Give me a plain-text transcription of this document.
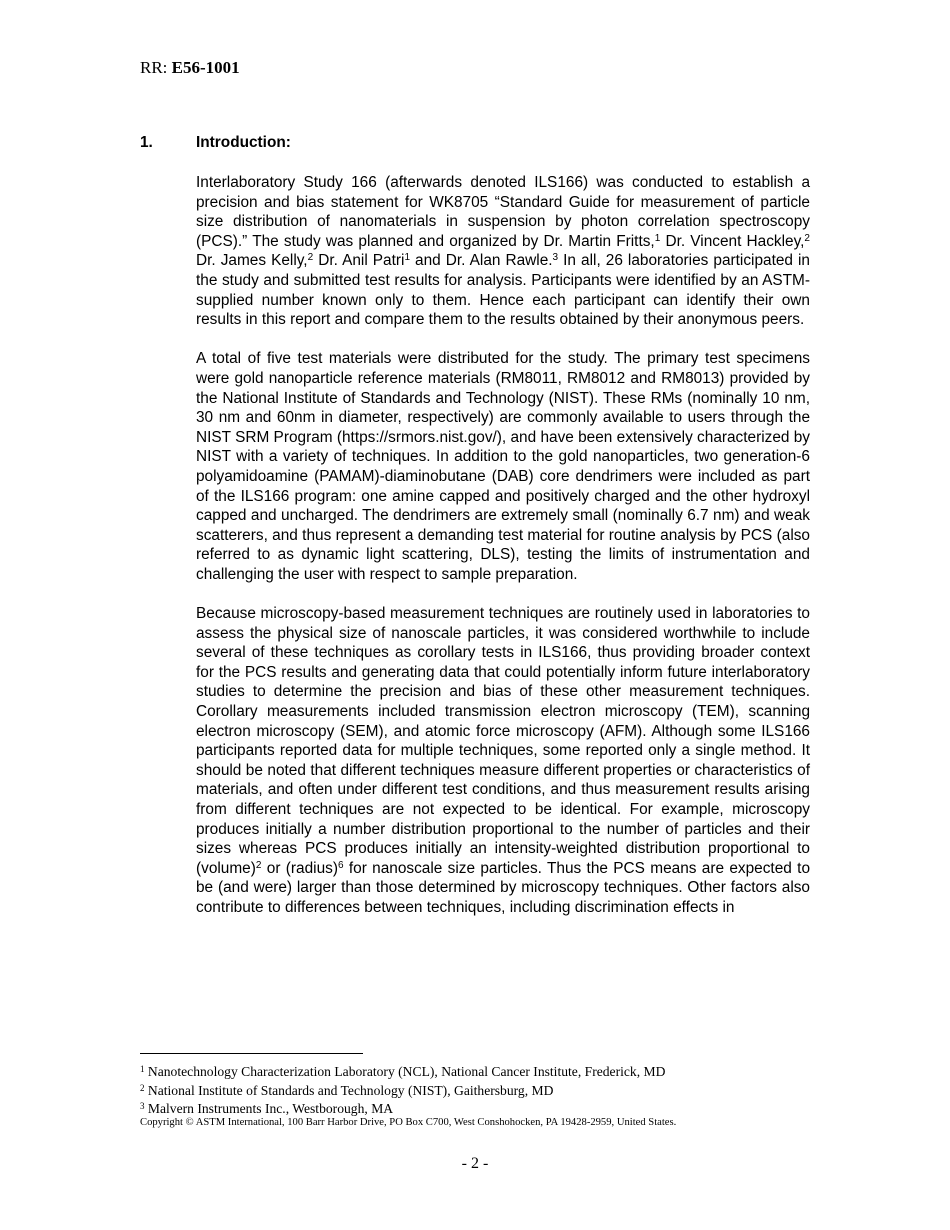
RR: E56-1001
1.	Introduction:

Interlaboratory Study 166 (afterwards denoted ILS166) was conducted to establish a precision and bias statement for WK8705 “Standard Guide for measurement of particle size distribution of nanomaterials in suspension by photon correlation spectroscopy (PCS).” The study was planned and organized by Dr. Martin Fritts,$^1$ Dr. Vincent Hackley,$^2$ Dr. James Kelly,$^2$ Dr. Anil Patri$^1$ and Dr. Alan Rawle.$^3$ In all, 26 laboratories participated in the study and submitted test results for analysis. Participants were identified by an ASTM-supplied number known only to them. Hence each participant can identify their own results in this report and compare them to the results obtained by their anonymous peers.

A total of five test materials were distributed for the study. The primary test specimens were gold nanoparticle reference materials (RM8011, RM8012 and RM8013) provided by the National Institute of Standards and Technology (NIST). These RMs (nominally 10 nm, 30 nm and 60nm in diameter, respectively) are commonly available to users through the NIST SRM Program (https://srmors.nist.gov/), and have been extensively characterized by NIST with a variety of techniques. In addition to the gold nanoparticles, two generation-6 polyamidoamine (PAMAM)-diaminobutane (DAB) core dendrimers were included as part of the ILS166 program: one amine capped and positively charged and the other hydroxyl capped and uncharged. The dendrimers are extremely small (nominally 6.7 nm) and weak scatterers, and thus represent a demanding test material for routine analysis by PCS (also referred to as dynamic light scattering, DLS), testing the limits of instrumentation and challenging the user with respect to sample preparation.

Because microscopy-based measurement techniques are routinely used in laboratories to assess the physical size of nanoscale particles, it was considered worthwhile to include several of these techniques as corollary tests in ILS166, thus providing broader context for the PCS results and generating data that could potentially inform future interlaboratory studies to determine the precision and bias of these other measurement techniques. Corollary measurements included transmission electron microscopy (TEM), scanning electron microscopy (SEM), and atomic force microscopy (AFM). Although some ILS166 participants reported data for multiple techniques, some reported only a single method. It should be noted that different techniques measure different properties or characteristics of materials, and often under different test conditions, and thus measurement results arising from different techniques are not expected to be identical. For example, microscopy produces initially a number distribution proportional to the number of particles and their sizes whereas PCS produces initially an intensity-weighted distribution proportional to (volume)$^2$ or (radius)$^6$ for nanoscale size particles. Thus the PCS means are expected to be (and were) larger than those determined by microscopy techniques. Other factors also contribute to differences between techniques, including discrimination effects in

$^1$ Nanotechnology Characterization Laboratory (NCL), National Cancer Institute, Frederick, MD
$^2$ National Institute of Standards and Technology (NIST), Gaithersburg, MD
$^3$ Malvern Instruments Inc., Westborough, MA
Copyright © ASTM International, 100 Barr Harbor Drive, PO Box C700, West Conshohocken, PA 19428-2959, United States.
- 2 -
